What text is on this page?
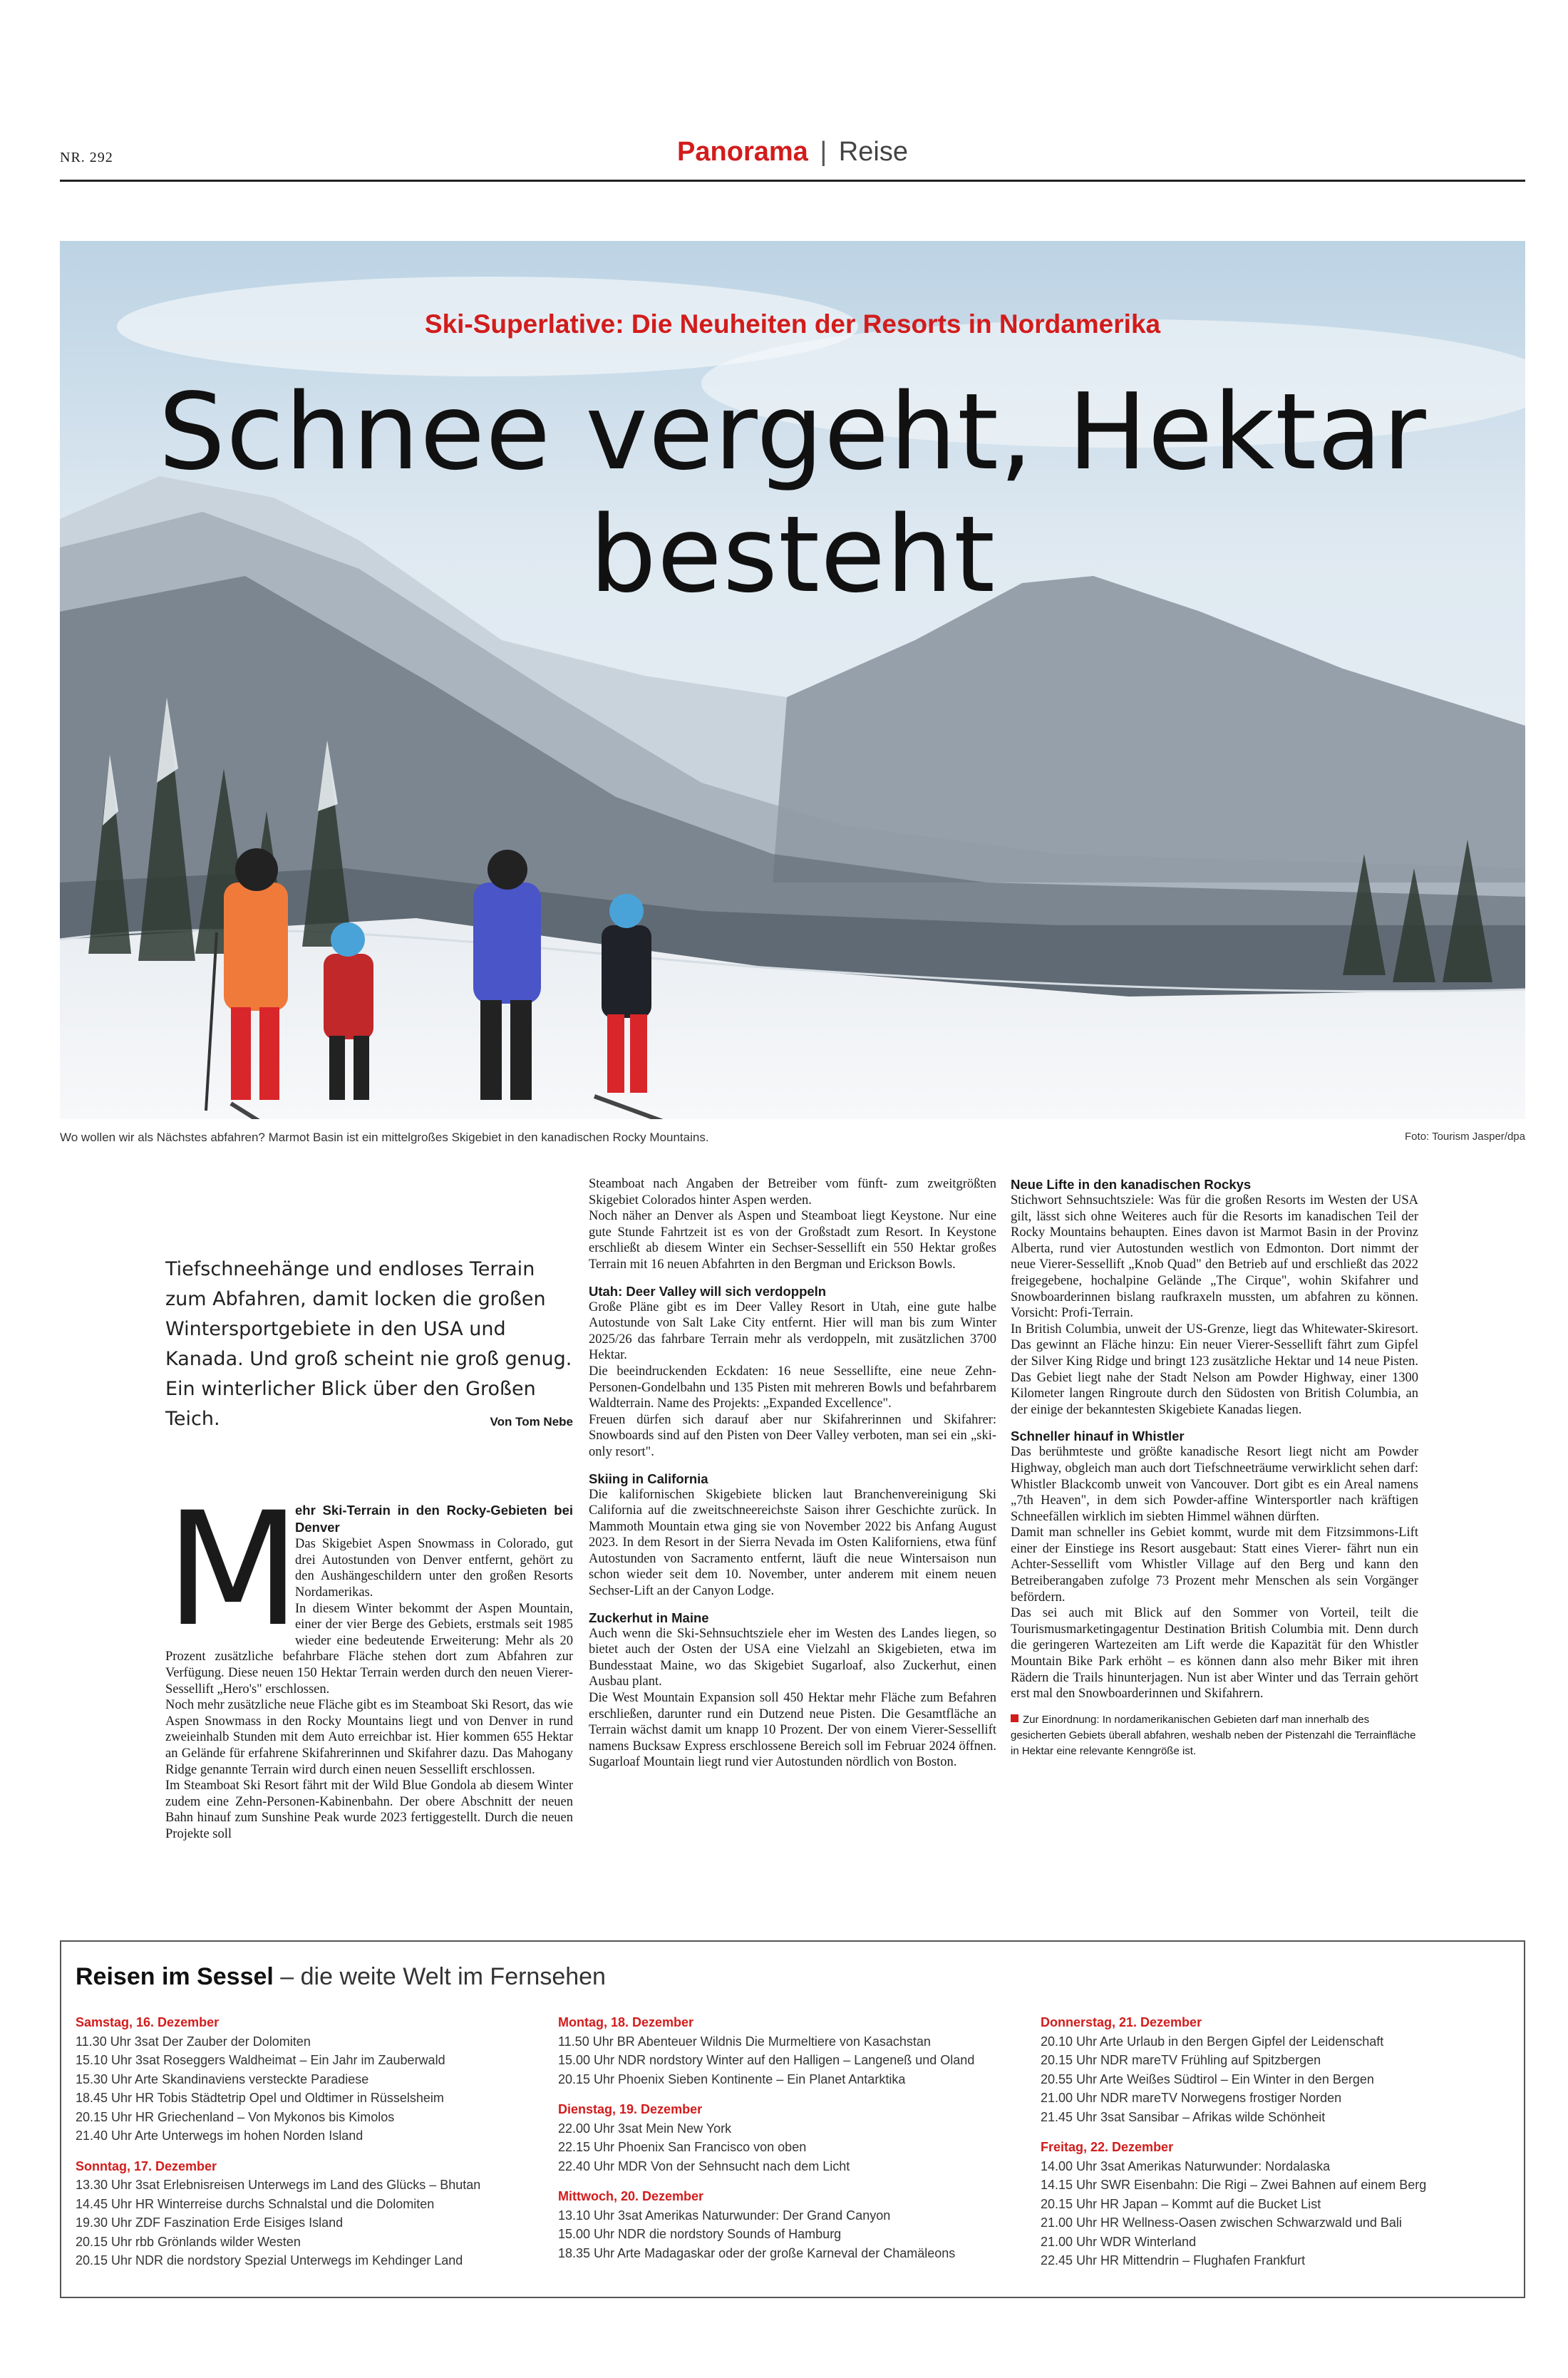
NR. 292	Panorama | Reise
Ski-Superlative: Die Neuheiten der Resorts in Nordamerika
Schnee vergeht, Hektar besteht
Wo wollen wir als Nächstes abfahren? Marmot Basin ist ein mittelgroßes Skigebiet in den kanadischen Rocky Mountains.	Foto: Tourism Jasper/dpa
Tiefschneehänge und endloses Terrain zum Abfahren, damit locken die großen Wintersportgebiete in den USA und Kanada. Und groß scheint nie groß genug. Ein winterlicher Blick über den Großen Teich.	Von Tom Nebe
M

ehr Ski-Terrain in den Rocky-Gebieten bei Denver

Das Skigebiet Aspen Snowmass in Colorado, gut drei Autostunden von Denver entfernt, gehört zu den Aushängeschildern unter den großen Resorts Nordamerikas.

In diesem Winter bekommt der Aspen Mountain, einer der vier Berge des Gebiets, erstmals seit 1985 wieder eine bedeutende Erweiterung: Mehr als 20 Prozent zusätzliche befahrbare Fläche stehen dort zum Abfahren zur Verfügung. Diese neuen 150 Hektar Terrain werden durch den neuen Vierer-Sessellift „Hero's" erschlossen.

Noch mehr zusätzliche neue Fläche gibt es im Steamboat Ski Resort, das wie Aspen Snowmass in den Rocky Mountains liegt und von Denver in rund zweieinhalb Stunden mit dem Auto erreichbar ist. Hier kommen 655 Hektar an Gelände für erfahrene Skifahrerinnen und Skifahrer dazu. Das Mahogany Ridge genannte Terrain wird durch einen neuen Sessellift erschlossen.

Im Steamboat Ski Resort fährt mit der Wild Blue Gondola ab diesem Winter zudem eine Zehn-Personen-Kabinenbahn. Der obere Abschnitt der neuen Bahn hinauf zum Sunshine Peak wurde 2023 fertiggestellt. Durch die neuen Projekte soll

Steamboat nach Angaben der Betreiber vom fünft- zum zweitgrößten Skigebiet Colorados hinter Aspen werden.

Noch näher an Denver als Aspen und Steamboat liegt Keystone. Nur eine gute Stunde Fahrtzeit ist es von der Großstadt zum Resort. In Keystone erschließt ab diesem Winter ein Sechser-Sessellift ein 550 Hektar großes Terrain mit 16 neuen Abfahrten in den Bergman und Erickson Bowls.

Utah: Deer Valley will sich verdoppeln

Große Pläne gibt es im Deer Valley Resort in Utah, eine gute halbe Autostunde von Salt Lake City entfernt. Hier will man bis zum Winter 2025/26 das fahrbare Terrain mehr als verdoppeln, mit zusätzlichen 3700 Hektar.

Die beeindruckenden Eckdaten: 16 neue Sessellifte, eine neue Zehn-Personen-Gondelbahn und 135 Pisten mit mehreren Bowls und befahrbarem Waldterrain. Name des Projekts: „Expanded Excellence".

Freuen dürfen sich darauf aber nur Skifahrerinnen und Skifahrer: Snowboards sind auf den Pisten von Deer Valley verboten, man sei ein „ski-only resort".

Skiing in California

Die kalifornischen Skigebiete blicken laut Branchenvereinigung Ski California auf die zweitschneereichste Saison ihrer Geschichte zurück. In Mammoth Mountain etwa ging sie von November 2022 bis Anfang August 2023. In dem Resort in der Sierra Nevada im Osten Kaliforniens, etwa fünf Autostunden von Sacramento entfernt, läuft die neue Wintersaison nun schon wieder seit dem 10. November, unter anderem mit einem neuen Sechser-Lift an der Canyon Lodge.

Zuckerhut in Maine

Auch wenn die Ski-Sehnsuchtsziele eher im Westen des Landes liegen, so bietet auch der Osten der USA eine Vielzahl an Skigebieten, etwa im Bundesstaat Maine, wo das Skigebiet Sugarloaf, also Zuckerhut, einen Ausbau plant.

Die West Mountain Expansion soll 450 Hektar mehr Fläche zum Befahren erschließen, darunter rund ein Dutzend neue Pisten. Die Gesamtfläche an Terrain wächst damit um knapp 10 Prozent. Der von einem Vierer-Sessellift namens Bucksaw Express erschlossene Bereich soll im Februar 2024 öffnen. Sugarloaf Mountain liegt rund vier Autostunden nördlich von Boston.

Neue Lifte in den kanadischen Rockys

Stichwort Sehnsuchtsziele: Was für die großen Resorts im Westen der USA gilt, lässt sich ohne Weiteres auch für die Resorts im kanadischen Teil der Rocky Mountains behaupten. Eines davon ist Marmot Basin in der Provinz Alberta, rund vier Autostunden westlich von Edmonton. Dort nimmt der neue Vierer-Sessellift „Knob Quad" den Betrieb auf und erschließt das 2022 freigegebene, hochalpine Gelände „The Cirque", wohin Skifahrer und Snowboarderinnen bislang raufkraxeln mussten, um abfahren zu können. Vorsicht: Profi-Terrain.

In British Columbia, unweit der US-Grenze, liegt das Whitewater-Skiresort. Das gewinnt an Fläche hinzu: Ein neuer Vierer-Sessellift fährt zum Gipfel der Silver King Ridge und bringt 123 zusätzliche Hektar und 14 neue Pisten. Das Gebiet liegt nahe der Stadt Nelson am Powder Highway, einer 1300 Kilometer langen Ringroute durch den Südosten von British Columbia, an der einige der bekanntesten Skigebiete Kanadas liegen.

Schneller hinauf in Whistler

Das berühmteste und größte kanadische Resort liegt nicht am Powder Highway, obgleich man auch dort Tiefschneeträume verwirklicht sehen darf: Whistler Blackcomb unweit von Vancouver. Dort gibt es ein Areal namens „7th Heaven", in dem sich Powder-affine Wintersportler nach kräftigen Schneefällen wirklich im siebten Himmel wähnen dürften.

Damit man schneller ins Gebiet kommt, wurde mit dem Fitzsimmons-Lift einer der Einstiege ins Resort ausgebaut: Statt eines Vierer- fährt nun ein Achter-Sessellift vom Whistler Village auf den Berg und kann den Betreiberangaben zufolge 73 Prozent mehr Menschen als sein Vorgänger befördern.

Das sei auch mit Blick auf den Sommer von Vorteil, teilt die Tourismusmarketingagentur Destination British Columbia mit. Denn durch die geringeren Wartezeiten am Lift werde die Kapazität für den Whistler Mountain Bike Park erhöht – es können dann also mehr Biker mit ihren Rädern die Trails hinunterjagen. Nun ist aber Winter und das Terrain gehört erst mal den Snowboarderinnen und Skifahrern.

Zur Einordnung: In nordamerikanischen Gebieten darf man innerhalb des gesicherten Gebiets überall abfahren, weshalb neben der Pistenzahl die Terrainfläche in Hektar eine relevante Kenngröße ist.
Reisen im Sessel – die weite Welt im Fernsehen
Samstag, 16. Dezember
11.30 Uhr 3sat Der Zauber der Dolomiten
15.10 Uhr 3sat Roseggers Waldheimat – Ein Jahr im Zauberwald
15.30 Uhr Arte Skandinaviens versteckte Paradiese
18.45 Uhr HR Tobis Städtetrip Opel und Oldtimer in Rüsselsheim
20.15 Uhr HR Griechenland – Von Mykonos bis Kimolos
21.40 Uhr Arte Unterwegs im hohen Norden Island
Sonntag, 17. Dezember
13.30 Uhr 3sat Erlebnisreisen Unterwegs im Land des Glücks – Bhutan
14.45 Uhr HR Winterreise durchs Schnalstal und die Dolomiten
19.30 Uhr ZDF Faszination Erde Eisiges Island
20.15 Uhr rbb Grönlands wilder Westen
20.15 Uhr NDR die nordstory Spezial Unterwegs im Kehdinger Land
Montag, 18. Dezember
11.50 Uhr BR Abenteuer Wildnis Die Murmeltiere von Kasachstan
15.00 Uhr NDR nordstory Winter auf den Halligen – Langeneß und Oland
20.15 Uhr Phoenix Sieben Kontinente – Ein Planet Antarktika
Dienstag, 19. Dezember
22.00 Uhr 3sat Mein New York
22.15 Uhr Phoenix San Francisco von oben
22.40 Uhr MDR Von der Sehnsucht nach dem Licht
Mittwoch, 20. Dezember
13.10 Uhr 3sat Amerikas Naturwunder: Der Grand Canyon
15.00 Uhr NDR die nordstory Sounds of Hamburg
18.35 Uhr Arte Madagaskar oder der große Karneval der Chamäleons
Donnerstag, 21. Dezember
20.10 Uhr Arte Urlaub in den Bergen Gipfel der Leidenschaft
20.15 Uhr NDR mareTV Frühling auf Spitzbergen
20.55 Uhr Arte Weißes Südtirol – Ein Winter in den Bergen
21.00 Uhr NDR mareTV Norwegens frostiger Norden
21.45 Uhr 3sat Sansibar – Afrikas wilde Schönheit
Freitag, 22. Dezember
14.00 Uhr 3sat Amerikas Naturwunder: Nordalaska
14.15 Uhr SWR Eisenbahn: Die Rigi – Zwei Bahnen auf einem Berg
20.15 Uhr HR Japan – Kommt auf die Bucket List
21.00 Uhr HR Wellness-Oasen zwischen Schwarzwald und Bali
21.00 Uhr WDR Winterland
22.45 Uhr HR Mittendrin – Flughafen Frankfurt
